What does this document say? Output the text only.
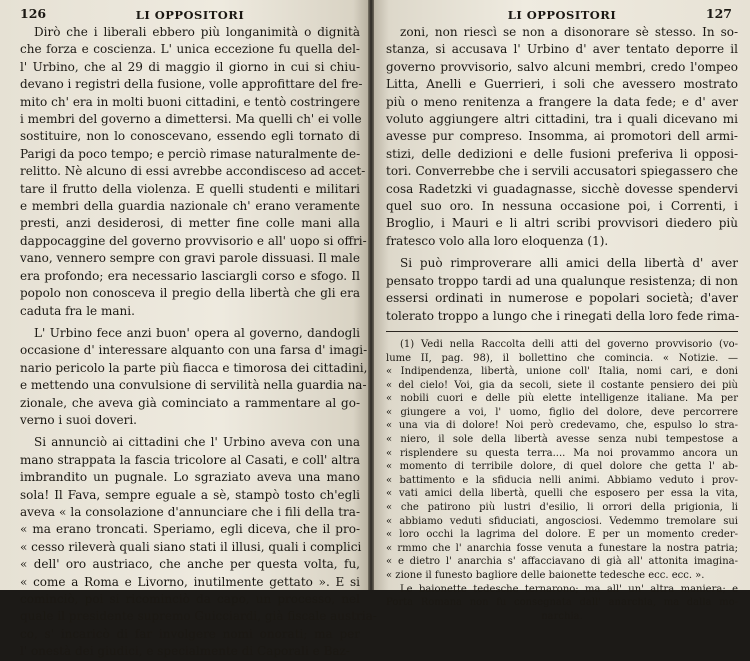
126	LI OPPOSITORI
Dirò che i liberali ebbero più longanimità o dignità
che forza e coscienza. L' unica eccezione fu quella del-
l' Urbino, che al 29 di maggio il giorno in cui si chiu-
devano i registri della fusione, volle approfittare del fre-
mito ch' era in molti buoni cittadini, e tentò costringere
i membri del governo a dimettersi. Ma quelli ch' ei volle
sostituire, non lo conoscevano, essendo egli tornato di
Parigi da poco tempo; e perciò rimase naturalmente de-
relitto. Nè alcuno di essi avrebbe accondisceso ad accet-
tare il frutto della violenza. E quelli studenti e militari
e membri della guardia nazionale ch' erano veramente
presti, anzi desiderosi, di metter fine colle mani alla
dappocaggine del governo provvisorio e all' uopo si offri-
vano, vennero sempre con gravi parole dissuasi. Il male
era profondo; era necessario lasciargli corso e sfogo. Il
popolo non conosceva il pregio della libertà che gli era
caduta fra le mani.
L' Urbino fece anzi buon' opera al governo, dandogli
occasione d' interessare alquanto con una farsa d' imagi-
nario pericolo la parte più fiacca e timorosa dei cittadini,
e mettendo una convulsione di servilità nella guardia na-
zionale, che aveva già cominciato a rammentare al go-
verno i suoi doveri.
Si annunciò ai cittadini che l' Urbino aveva con una
mano strappata la fascia tricolore al Casati, e coll' altra
imbrandito un pugnale. Lo sgraziato aveva una mano
sola! Il Fava, sempre eguale a sè, stampò tosto ch'egli
aveva « la consolazione d'annunciare che i fili della tra-
« ma erano troncati. Speriamo, egli diceva, che il pro-
« cesso rileverà quali siano stati il illusi, quali i complici
« dell' oro austriaco, che anche per questa volta, fu,
« come a Roma e Livorno, inutilmente gettato ». E si
cominciò, poi si ricominciò da capo, un processo, nel
quale il presidente supremo Guicciardi, già fiscale austria-
co, s' incaricò di far involgere nomi onorati; ma per
l' onestà dei giudici, e specialmente di Caporali e Baz-
LI OPPOSITORI	127
zoni, non riescì se non a disonorare sè stesso. In so-
stanza, si accusava l' Urbino d' aver tentato deporre il
governo provvisorio, salvo alcuni membri, credo l'ompeo
Litta, Anelli e Guerrieri, i soli che avessero mostrato
più o meno renitenza a frangere la data fede; e d' aver
voluto aggiungere altri cittadini, tra i quali dicevano mi
avesse pur compreso. Insomma, ai promotori dell armi-
stizi, delle dedizioni e delle fusioni preferiva li opposi-
tori. Converrebbe che i servili accusatori spiegassero che
cosa Radetzki vi guadagnasse, sicchè dovesse spendervi
quel suo oro. In nessuna occasione poi, i Correnti, i
Broglio, i Mauri e li altri scribi provvisori diedero più
fratesco volo alla loro eloquenza (1).
Si può rimproverare alli amici della libertà d' aver
pensato troppo tardi ad una qualunque resistenza; di non
essersi ordinati in numerose e popolari società; d'aver
tolerato troppo a lungo che i rinegati della loro fede rima-
(1) Vedi nella Raccolta delli atti del governo provvisorio (vo-
lume II, pag. 98), il bollettino che comincia. « Notizie. —
« Indipendenza, libertà, unione coll' Italia, nomi cari, e doni
« del cielo! Voi, gia da secoli, siete il costante pensiero dei più
« nobili cuori e delle più elette intelligenze italiane. Ma per
« giungere a voi, l' uomo, figlio del dolore, deve percorrere
« una via di dolore! Noi però credevamo, che, espulso lo stra-
« niero, il sole della libertà avesse senza nubi tempestose a
« risplendere su questa terra.... Ma noi provammo ancora un
« momento di terribile dolore, di quel dolore che getta l' ab-
« battimento e la sfiducia nelli animi. Abbiamo veduto i prov-
« vati amici della libertà, quelli che esposero per essa la vita,
« che patirono più lustri d'esilio, li orrori della prigionia, li
« abbiamo veduti sfiduciati, angosciosi. Vedemmo tremolare sui
« loro occhi la lagrima del dolore. E per un momento creder-
« rmmo che l' anarchia fosse venuta a funestare la nostra patria;
« e dietro l' anarchia s' affacciavano di già all' attonita imagina-
« zione il funesto bagliore delle baionette tedesche ecc. ecc. ».
Le baionette tedesche ternarono; ma all' un' altra maniera; e
Porta Romana non fu consegnata dall' anarchia, ma dalla mo-
narchia.
